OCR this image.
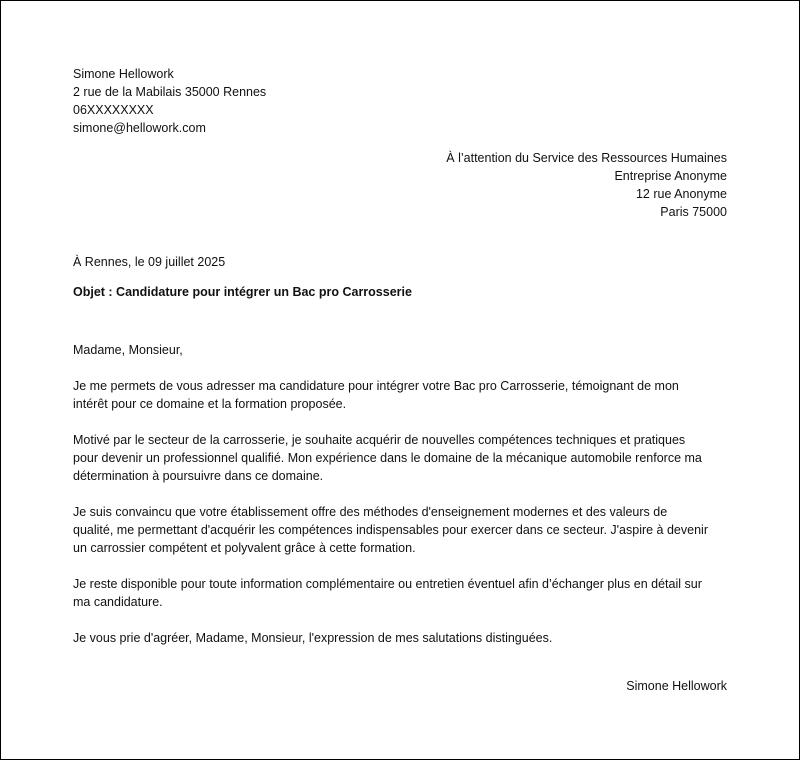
Simone Hellowork
2 rue de la Mabilais 35000 Rennes
06XXXXXXXX
simone@hellowork.com
À l’attention du Service des Ressources Humaines
Entreprise Anonyme
12 rue Anonyme
Paris 75000
À Rennes, le 09 juillet 2025
Objet : Candidature pour intégrer un Bac pro Carrosserie

Madame, Monsieur,

Je me permets de vous adresser ma candidature pour intégrer votre Bac pro Carrosserie, témoignant de mon
intérêt pour ce domaine et la formation proposée.

Motivé par le secteur de la carrosserie, je souhaite acquérir de nouvelles compétences techniques et pratiques
pour devenir un professionnel qualifié. Mon expérience dans le domaine de la mécanique automobile renforce ma
détermination à poursuivre dans ce domaine.

Je suis convaincu que votre établissement offre des méthodes d'enseignement modernes et des valeurs de
qualité, me permettant d'acquérir les compétences indispensables pour exercer dans ce secteur. J'aspire à devenir
un carrossier compétent et polyvalent grâce à cette formation.

Je reste disponible pour toute information complémentaire ou entretien éventuel afin d’échanger plus en détail sur
ma candidature.

Je vous prie d'agréer, Madame, Monsieur, l'expression de mes salutations distinguées.

Simone Hellowork
